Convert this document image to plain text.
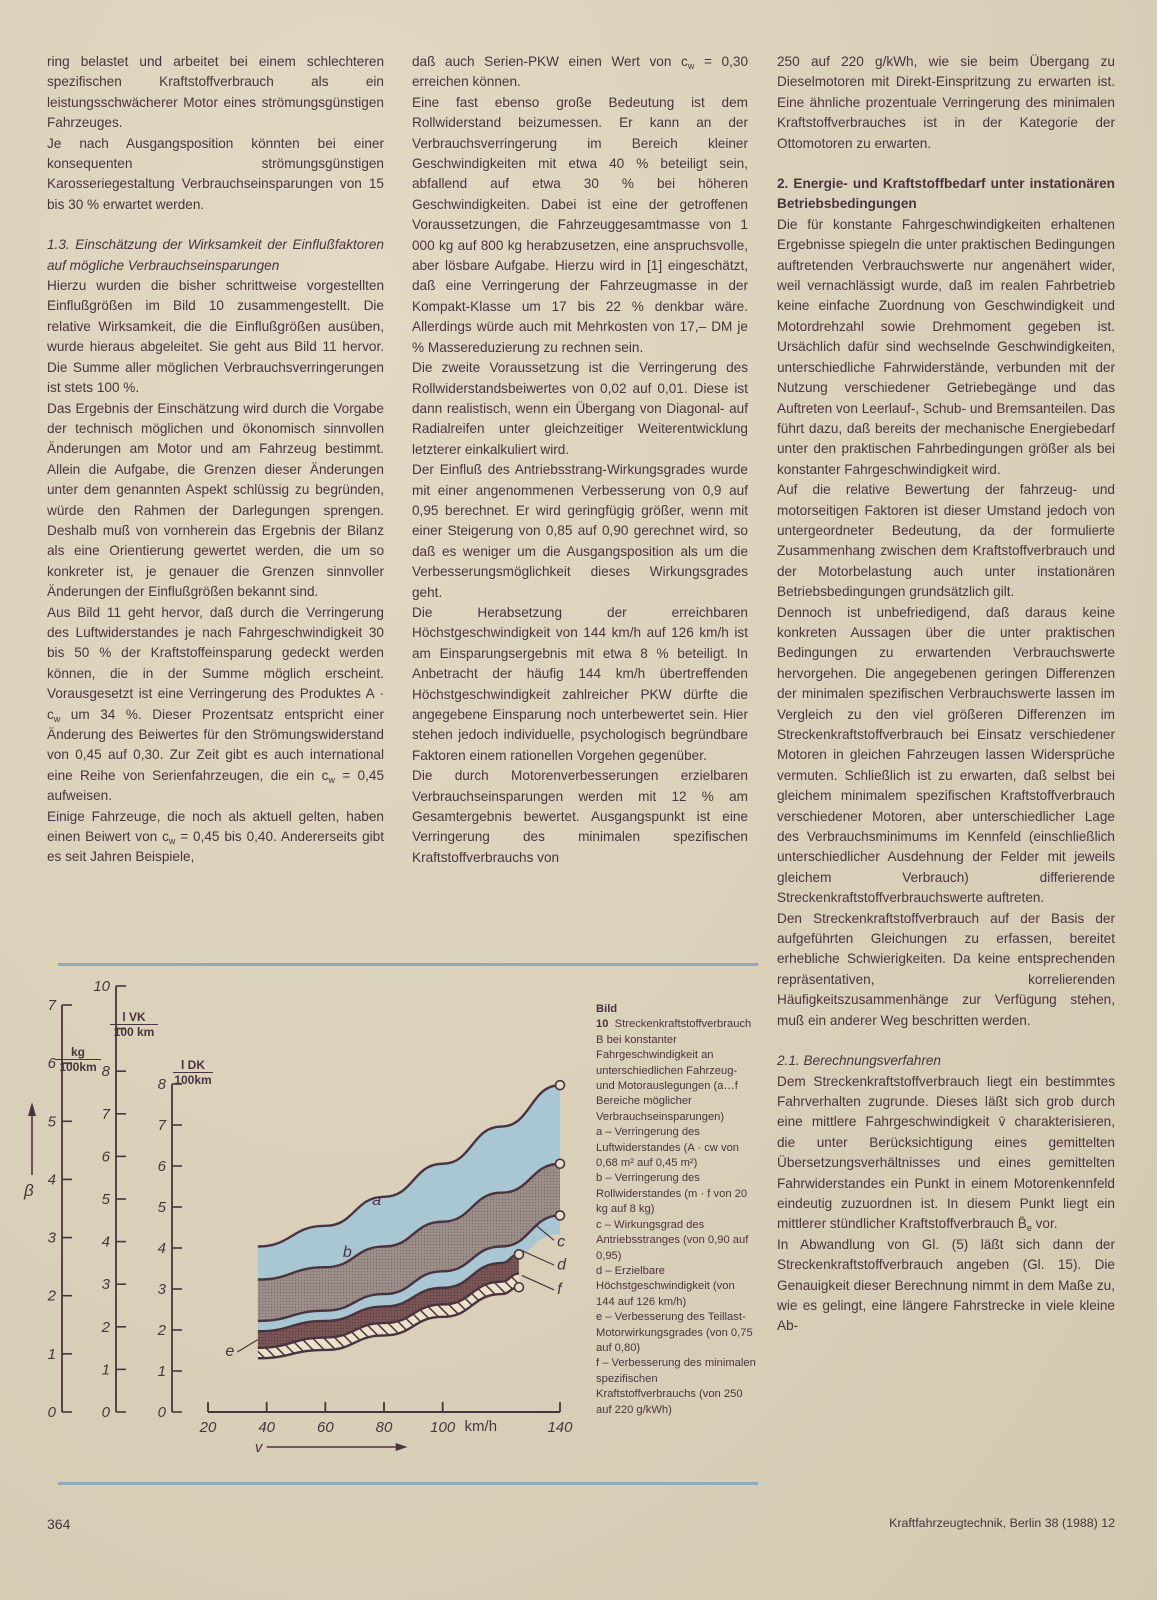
ring belastet und arbeitet bei einem schlechteren spezifischen Kraftstoffverbrauch als ein leistungsschwächerer Motor eines strömungsgünstigen Fahrzeuges.

Je nach Ausgangsposition könnten bei einer konsequenten strömungsgünstigen Karosseriegestaltung Verbrauchseinsparungen von 15 bis 30 % erwartet werden.

1.3. Einschätzung der Wirksamkeit der Einflußfaktoren auf mögliche Verbrauchseinsparungen

Hierzu wurden die bisher schrittweise vorgestellten Einflußgrößen im Bild 10 zusammengestellt. Die relative Wirksamkeit, die die Einflußgrößen ausüben, wurde hieraus abgeleitet. Sie geht aus Bild 11 hervor. Die Summe aller möglichen Verbrauchsverringerungen ist stets 100 %.

Das Ergebnis der Einschätzung wird durch die Vorgabe der technisch möglichen und ökonomisch sinnvollen Änderungen am Motor und am Fahrzeug bestimmt. Allein die Aufgabe, die Grenzen dieser Änderungen unter dem genannten Aspekt schlüssig zu begründen, würde den Rahmen der Darlegungen sprengen. Deshalb muß von vornherein das Ergebnis der Bilanz als eine Orientierung gewertet werden, die um so konkreter ist, je genauer die Grenzen sinnvoller Änderungen der Einflußgrößen bekannt sind.

Aus Bild 11 geht hervor, daß durch die Verringerung des Luftwiderstandes je nach Fahrgeschwindigkeit 30 bis 50 % der Kraftstoffeinsparung gedeckt werden können, die in der Summe möglich erscheint. Vorausgesetzt ist eine Verringerung des Produktes $A \cdot c_w$ um 34 %. Dieser Prozentsatz entspricht einer Änderung des Beiwertes für den Strömungswiderstand von 0,45 auf 0,30. Zur Zeit gibt es auch international eine Reihe von Serienfahrzeugen, die ein $c_w = 0,45$ aufweisen.

Einige Fahrzeuge, die noch als aktuell gelten, haben einen Beiwert von $c_w = 0,45$ bis 0,40. Andererseits gibt es seit Jahren Beispiele,

daß auch Serien-PKW einen Wert von $c_w = 0,30$ erreichen können.

Eine fast ebenso große Bedeutung ist dem Rollwiderstand beizumessen. Er kann an der Verbrauchsverringerung im Bereich kleiner Geschwindigkeiten mit etwa 40 % beteiligt sein, abfallend auf etwa 30 % bei höheren Geschwindigkeiten. Dabei ist eine der getroffenen Voraussetzungen, die Fahrzeuggesamtmasse von 1 000 kg auf 800 kg herabzusetzen, eine anspruchsvolle, aber lösbare Aufgabe. Hierzu wird in [1] eingeschätzt, daß eine Verringerung der Fahrzeugmasse in der Kompakt-Klasse um 17 bis 22 % denkbar wäre. Allerdings würde auch mit Mehrkosten von 17,– DM je % Massereduzierung zu rechnen sein.

Die zweite Voraussetzung ist die Verringerung des Rollwiderstandsbeiwertes von 0,02 auf 0,01. Diese ist dann realistisch, wenn ein Übergang von Diagonal- auf Radialreifen unter gleichzeitiger Weiterentwicklung letzterer einkalkuliert wird.

Der Einfluß des Antriebsstrang-Wirkungsgrades wurde mit einer angenommenen Verbesserung von 0,9 auf 0,95 berechnet. Er wird geringfügig größer, wenn mit einer Steigerung von 0,85 auf 0,90 gerechnet wird, so daß es weniger um die Ausgangsposition als um die Verbesserungsmöglichkeit dieses Wirkungsgrades geht.

Die Herabsetzung der erreichbaren Höchstgeschwindigkeit von 144 km/h auf 126 km/h ist am Einsparungsergebnis mit etwa 8 % beteiligt. In Anbetracht der häufig 144 km/h übertreffenden Höchstgeschwindigkeit zahlreicher PKW dürfte die angegebene Einsparung noch unterbewertet sein. Hier stehen jedoch individuelle, psychologisch begründbare Faktoren einem rationellen Vorgehen gegenüber.

Die durch Motorenverbesserungen erzielbaren Verbrauchseinsparungen werden mit 12 % am Gesamtergebnis bewertet. Ausgangspunkt ist eine Verringerung des minimalen spezifischen Kraftstoffverbrauchs von

250 auf 220 g/kWh, wie sie beim Übergang zu Dieselmotoren mit Direkt-Einspritzung zu erwarten ist. Eine ähnliche prozentuale Verringerung des minimalen Kraftstoffverbrauches ist in der Kategorie der Ottomotoren zu erwarten.

2. Energie- und Kraftstoffbedarf unter instationären Betriebsbedingungen

Die für konstante Fahrgeschwindigkeiten erhaltenen Ergebnisse spiegeln die unter praktischen Bedingungen auftretenden Verbrauchswerte nur angenähert wider, weil vernachlässigt wurde, daß im realen Fahrbetrieb keine einfache Zuordnung von Geschwindigkeit und Motordrehzahl sowie Drehmoment gegeben ist. Ursächlich dafür sind wechselnde Geschwindigkeiten, unterschiedliche Fahrwiderstände, verbunden mit der Nutzung verschiedener Getriebegänge und das Auftreten von Leerlauf-, Schub- und Bremsanteilen. Das führt dazu, daß bereits der mechanische Energiebedarf unter den praktischen Fahrbedingungen größer als bei konstanter Fahrgeschwindigkeit wird.

Auf die relative Bewertung der fahrzeug- und motorseitigen Faktoren ist dieser Umstand jedoch von untergeordneter Bedeutung, da der formulierte Zusammenhang zwischen dem Kraftstoffverbrauch und der Motorbelastung auch unter instationären Betriebsbedingungen grundsätzlich gilt.

Dennoch ist unbefriedigend, daß daraus keine konkreten Aussagen über die unter praktischen Bedingungen zu erwartenden Verbrauchswerte hervorgehen. Die angegebenen geringen Differenzen der minimalen spezifischen Verbrauchswerte lassen im Vergleich zu den viel größeren Differenzen im Streckenkraftstoffverbrauch bei Einsatz verschiedener Motoren in gleichen Fahrzeugen lassen Widersprüche vermuten. Schließlich ist zu erwarten, daß selbst bei gleichem minimalem spezifischen Kraftstoffverbrauch verschiedener Motoren, aber unterschiedlicher Lage des Verbrauchsminimums im Kennfeld (einschließlich unterschiedlicher Ausdehnung der Felder mit jeweils gleichem Verbrauch) differierende Streckenkraftstoffverbrauchswerte auftreten.

Den Streckenkraftstoffverbrauch auf der Basis der aufgeführten Gleichungen zu erfassen, bereitet erhebliche Schwierigkeiten. Da keine entsprechenden repräsentativen, korrelierenden Häufigkeitszusammenhänge zur Verfügung stehen, muß ein anderer Weg beschritten werden.

2.1. Berechnungsverfahren

Dem Streckenkraftstoffverbrauch liegt ein bestimmtes Fahrverhalten zugrunde. Dieses läßt sich grob durch eine mittlere Fahrgeschwindigkeit v̄ charakterisieren, die unter Berücksichtigung eines gemittelten Übersetzungsverhältnisses und eines gemittelten Fahrwiderstandes ein Punkt in einem Motorenkennfeld eindeutig zuzuordnen ist. In diesem Punkt liegt ein mittlerer stündlicher Kraftstoffverbrauch $B̄_e$ vor.

In Abwandlung von Gl. (5) läßt sich dann der Streckenkraftstoffverbrauch angeben (Gl. 15). Die Genauigkeit dieser Berechnung nimmt in dem Maße zu, wie es gelingt, eine längere Fahrstrecke in viele kleine Ab-

20	40	60	80	100	140
km/h
v
0
1
2
3
4
5
6
7
0
1
2
3
4
5
6
7
8
10
0
1
2
3
4
5
6
7
8
β
a
b
c
d
f
e
kg
100km
l VK
100 km
l DK
100km

Bild 10 Streckenkraftstoffverbrauch B bei konstanter Fahrgeschwindigkeit an unterschiedlichen Fahrzeug- und Motorauslegungen (a…f Bereiche möglicher Verbrauchseinsparungen)

a – Verringerung des Luftwiderstandes (A · cw von 0,68 m² auf 0,45 m²)

b – Verringerung des Rollwiderstandes (m · f von 20 kg auf 8 kg)

c – Wirkungsgrad des Antriebsstranges (von 0,90 auf 0,95)

d – Erzielbare Höchstgeschwindigkeit (von 144 auf 126 km/h)

e – Verbesserung des Teillast-Motorwirkungsgrades (von 0,75 auf 0,80)

f – Verbesserung des minimalen spezifischen Kraftstoffverbrauchs (von 250 auf 220 g/kWh)

364	Kraftfahrzeugtechnik, Berlin 38 (1988) 12
